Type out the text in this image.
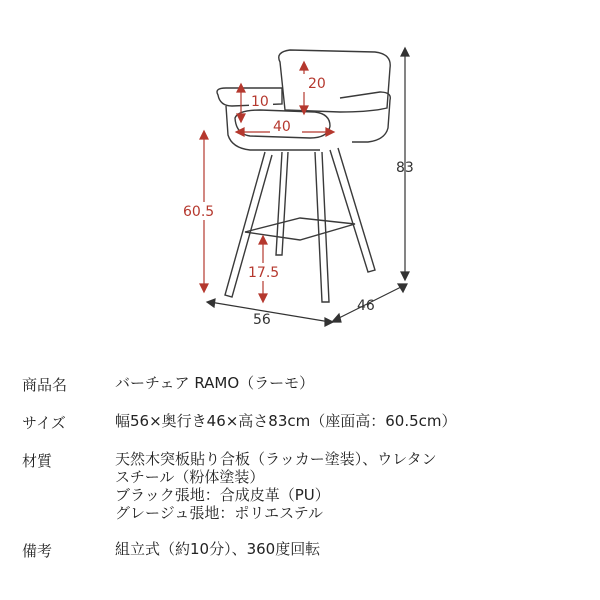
20
10
40
60.5
17.5
83
56
46
商品名	バーチェア RAMO（ラーモ）
サイズ	幅56×奥行き46×高さ83cm（座面高：60.5cm）
材質	天然木突板貼り合板（ラッカー塗装）、ウレタン
スチール（粉体塗装）
ブラック張地：合成皮革（PU）
グレージュ張地：ポリエステル
備考	組立式（約10分）、360度回転
